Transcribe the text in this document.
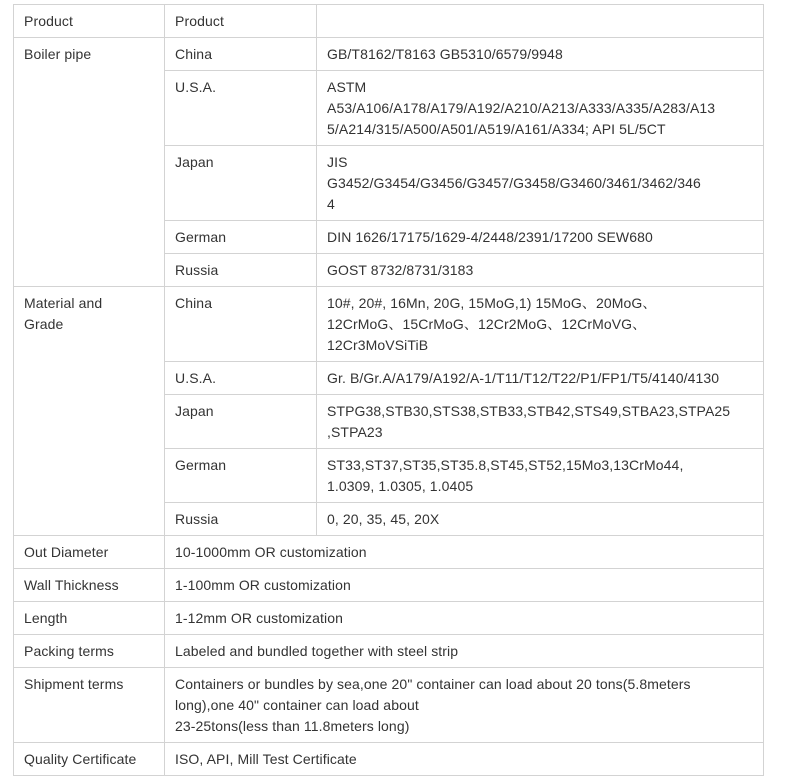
Product	Product	
Boiler pipe	China	GB/T8162/T8163 GB5310/6579/9948
	U.S.A.	ASTM
A53/A106/A178/A179/A192/A210/A213/A333/A335/A283/A13
5/A214/315/A500/A501/A519/A161/A334; API 5L/5CT
	Japan	JIS
G3452/G3454/G3456/G3457/G3458/G3460/3461/3462/346
4
	German	DIN 1626/17175/1629-4/2448/2391/17200 SEW680
	Russia	GOST 8732/8731/3183
Material and
Grade	China	10#, 20#, 16Mn, 20G, 15MoG,1) 15MoG、20MoG、
12CrMoG、15CrMoG、12Cr2MoG、12CrMoVG、
12Cr3MoVSiTiB
	U.S.A.	Gr. B/Gr.A/A179/A192/A-1/T11/T12/T22/P1/FP1/T5/4140/4130
	Japan	STPG38,STB30,STS38,STB33,STB42,STS49,STBA23,STPA25
,STPA23
	German	ST33,ST37,ST35,ST35.8,ST45,ST52,15Mo3,13CrMo44,
1.0309, 1.0305, 1.0405
	Russia	0, 20, 35, 45, 20X
Out Diameter	10-1000mm OR customization	
Wall Thickness	1-100mm OR customization	
Length	1-12mm OR customization	
Packing terms	Labeled and bundled together with steel strip	
Shipment terms	Containers or bundles by sea,one 20" container can load about 20 tons(5.8meters
long),one 40" container can load about
23-25tons(less than 11.8meters long)	
Quality Certificate	ISO, API, Mill Test Certificate	
